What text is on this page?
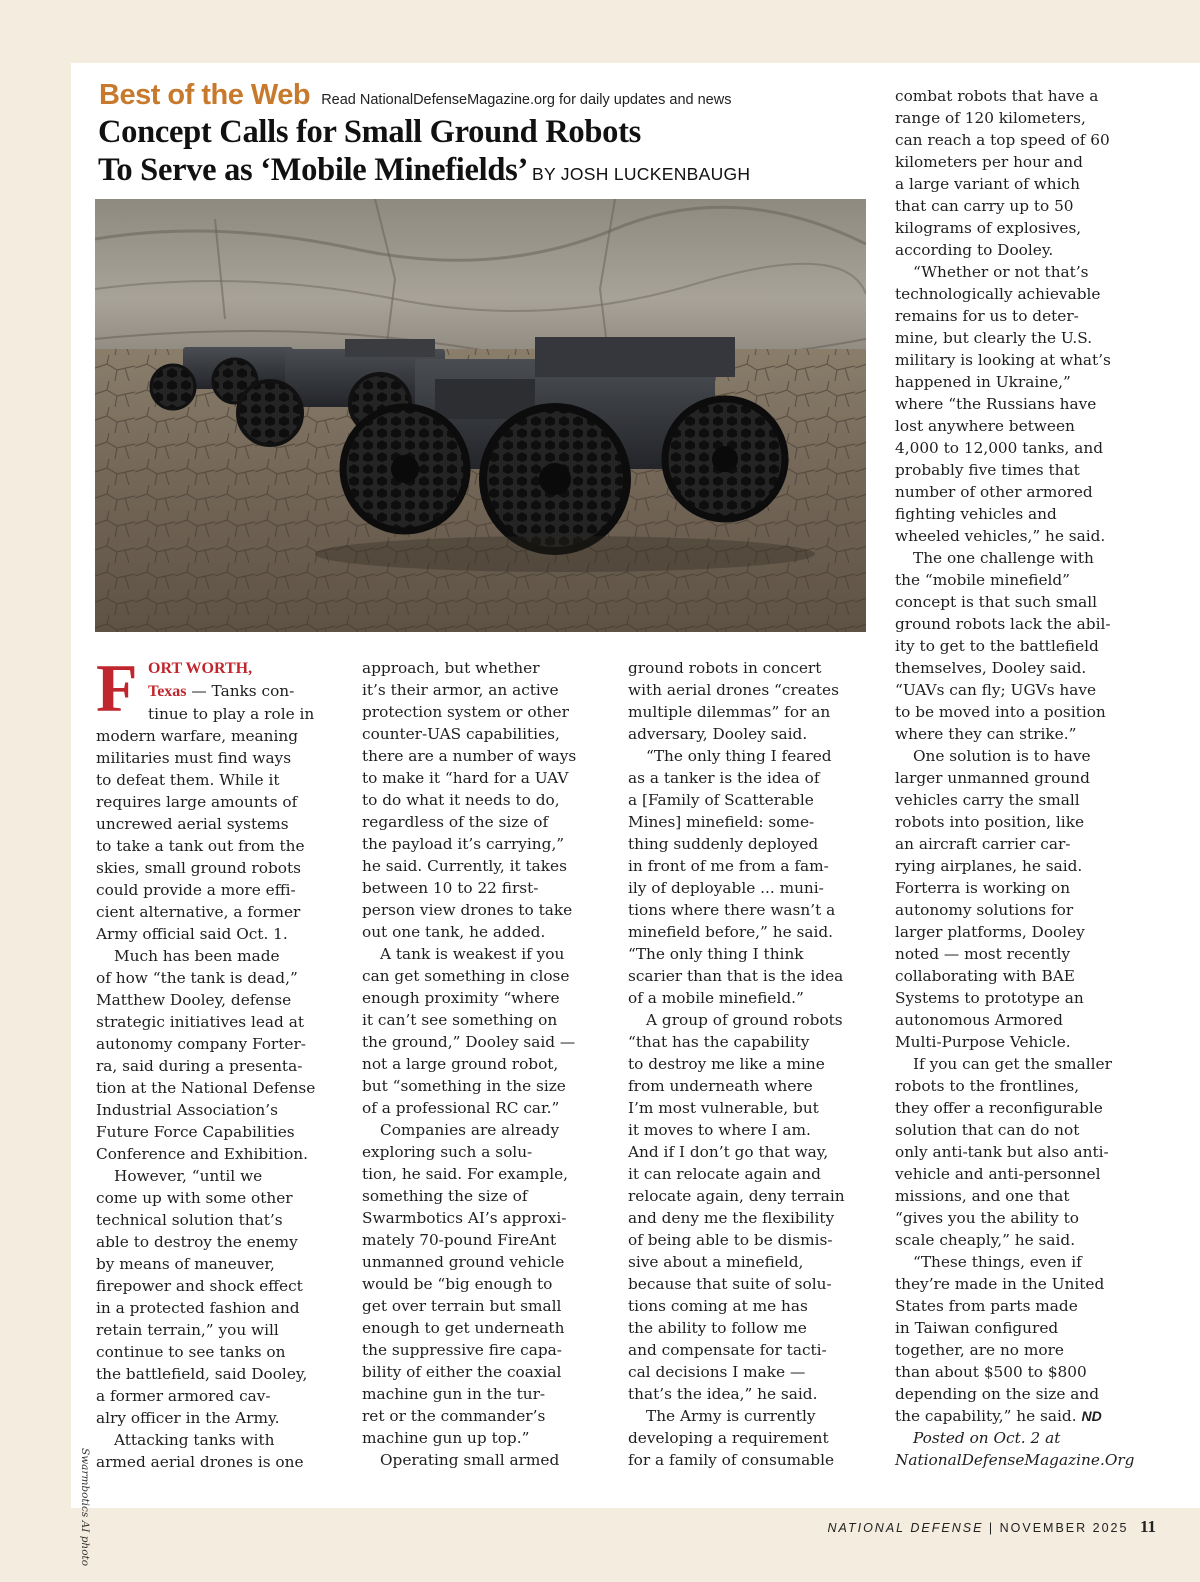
Best of the Web Read NationalDefenseMagazine.org for daily updates and news
Concept Calls for Small Ground Robots
To Serve as ‘Mobile Minefields’ BY JOSH LUCKENBAUGH
Swarmbotics AI photo
F ORT WORTH,
Texas — Tanks con-
tinue to play a role in
modern warfare, meaning
militaries must find ways
to defeat them. While it
requires large amounts of
uncrewed aerial systems
to take a tank out from the
skies, small ground robots
could provide a more effi-
cient alternative, a former
Army official said Oct. 1.
Much has been made
of how “the tank is dead,”
Matthew Dooley, defense
strategic initiatives lead at
autonomy company Forter-
ra, said during a presenta-
tion at the National Defense
Industrial Association’s
Future Force Capabilities
Conference and Exhibition.
However, “until we
come up with some other
technical solution that’s
able to destroy the enemy
by means of maneuver,
firepower and shock effect
in a protected fashion and
retain terrain,” you will
continue to see tanks on
the battlefield, said Dooley,
a former armored cav-
alry officer in the Army.
Attacking tanks with
armed aerial drones is one
approach, but whether
it’s their armor, an active
protection system or other
counter-UAS capabilities,
there are a number of ways
to make it “hard for a UAV
to do what it needs to do,
regardless of the size of
the payload it’s carrying,”
he said. Currently, it takes
between 10 to 22 first-
person view drones to take
out one tank, he added.
A tank is weakest if you
can get something in close
enough proximity “where
it can’t see something on
the ground,” Dooley said —
not a large ground robot,
but “something in the size
of a professional RC car.”
Companies are already
exploring such a solu-
tion, he said. For example,
something the size of
Swarmbotics AI’s approxi-
mately 70-pound FireAnt
unmanned ground vehicle
would be “big enough to
get over terrain but small
enough to get underneath
the suppressive fire capa-
bility of either the coaxial
machine gun in the tur-
ret or the commander’s
machine gun up top.”
Operating small armed
ground robots in concert
with aerial drones “creates
multiple dilemmas” for an
adversary, Dooley said.
“The only thing I feared
as a tanker is the idea of
a [Family of Scatterable
Mines] minefield: some-
thing suddenly deployed
in front of me from a fam-
ily of deployable ... muni-
tions where there wasn’t a
minefield before,” he said.
“The only thing I think
scarier than that is the idea
of a mobile minefield.”
A group of ground robots
“that has the capability
to destroy me like a mine
from underneath where
I’m most vulnerable, but
it moves to where I am.
And if I don’t go that way,
it can relocate again and
relocate again, deny terrain
and deny me the flexibility
of being able to be dismis-
sive about a minefield,
because that suite of solu-
tions coming at me has
the ability to follow me
and compensate for tacti-
cal decisions I make —
that’s the idea,” he said.
The Army is currently
developing a requirement
for a family of consumable
combat robots that have a
range of 120 kilometers,
can reach a top speed of 60
kilometers per hour and
a large variant of which
that can carry up to 50
kilograms of explosives,
according to Dooley.
“Whether or not that’s
technologically achievable
remains for us to deter-
mine, but clearly the U.S.
military is looking at what’s
happened in Ukraine,”
where “the Russians have
lost anywhere between
4,000 to 12,000 tanks, and
probably five times that
number of other armored
fighting vehicles and
wheeled vehicles,” he said.
The one challenge with
the “mobile minefield”
concept is that such small
ground robots lack the abil-
ity to get to the battlefield
themselves, Dooley said.
“UAVs can fly; UGVs have
to be moved into a position
where they can strike.”
One solution is to have
larger unmanned ground
vehicles carry the small
robots into position, like
an aircraft carrier car-
rying airplanes, he said.
Forterra is working on
autonomy solutions for
larger platforms, Dooley
noted — most recently
collaborating with BAE
Systems to prototype an
autonomous Armored
Multi-Purpose Vehicle.
If you can get the smaller
robots to the frontlines,
they offer a reconfigurable
solution that can do not
only anti-tank but also anti-
vehicle and anti-personnel
missions, and one that
“gives you the ability to
scale cheaply,” he said.
“These things, even if
they’re made in the United
States from parts made
in Taiwan configured
together, are no more
than about $500 to $800
depending on the size and
the capability,” he said. ND
Posted on Oct. 2 at
NationalDefenseMagazine.Org
NATIONAL DEFENSE | NOVEMBER 2025 11
